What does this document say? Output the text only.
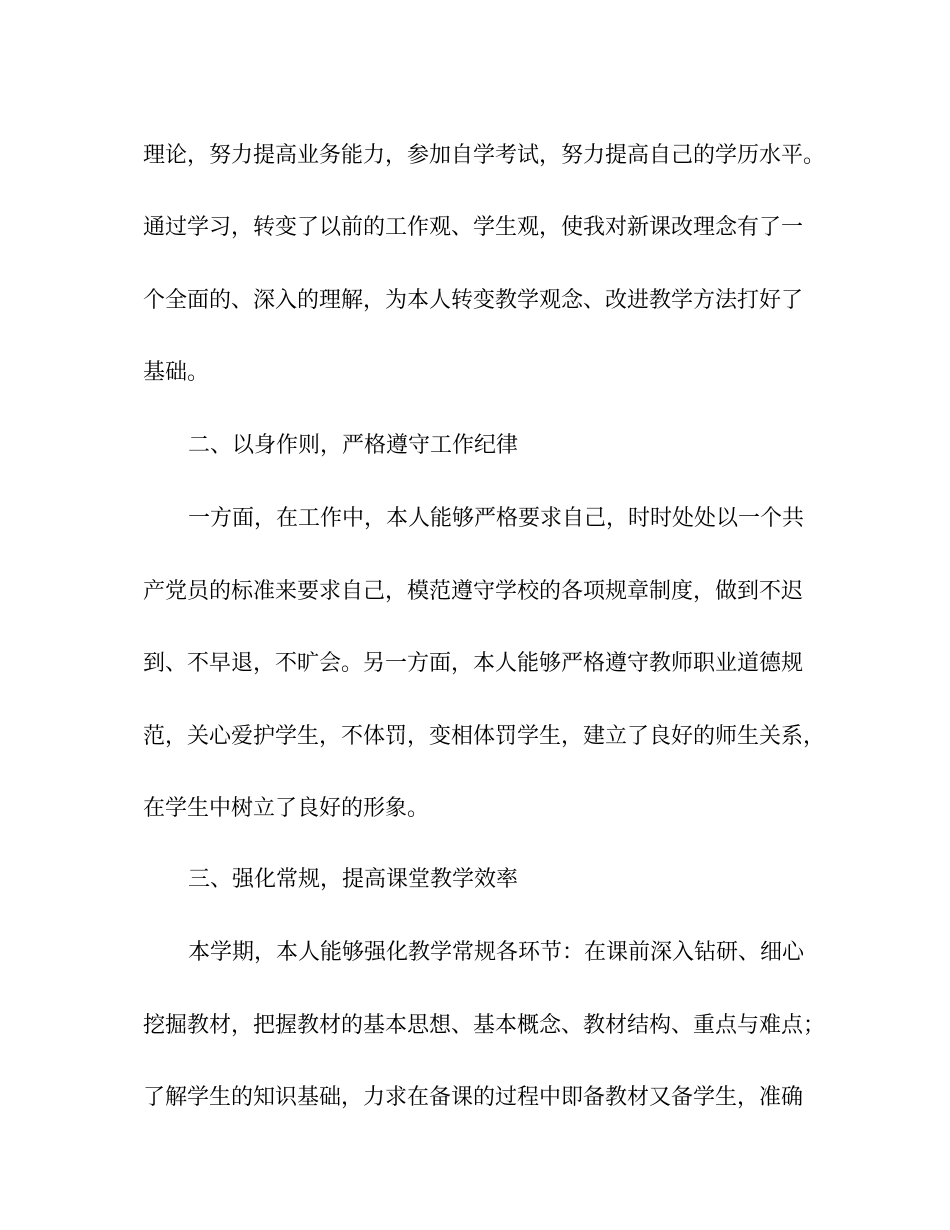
理论，努力提高业务能力，参加自学考试，努力提高自己的学历水平。
通过学习，转变了以前的工作观、学生观，使我对新课改理念有了一
个全面的、深入的理解，为本人转变教学观念、改进教学方法打好了
基础。
二、以身作则，严格遵守工作纪律
一方面，在工作中，本人能够严格要求自己，时时处处以一个共
产党员的标准来要求自己，模范遵守学校的各项规章制度，做到不迟
到、不早退，不旷会。另一方面，本人能够严格遵守教师职业道德规
范，关心爱护学生，不体罚，变相体罚学生，建立了良好的师生关系，
在学生中树立了良好的形象。
三、强化常规，提高课堂教学效率
本学期，本人能够强化教学常规各环节：在课前深入钻研、细心
挖掘教材，把握教材的基本思想、基本概念、教材结构、重点与难点；
了解学生的知识基础，力求在备课的过程中即备教材又备学生，准确
